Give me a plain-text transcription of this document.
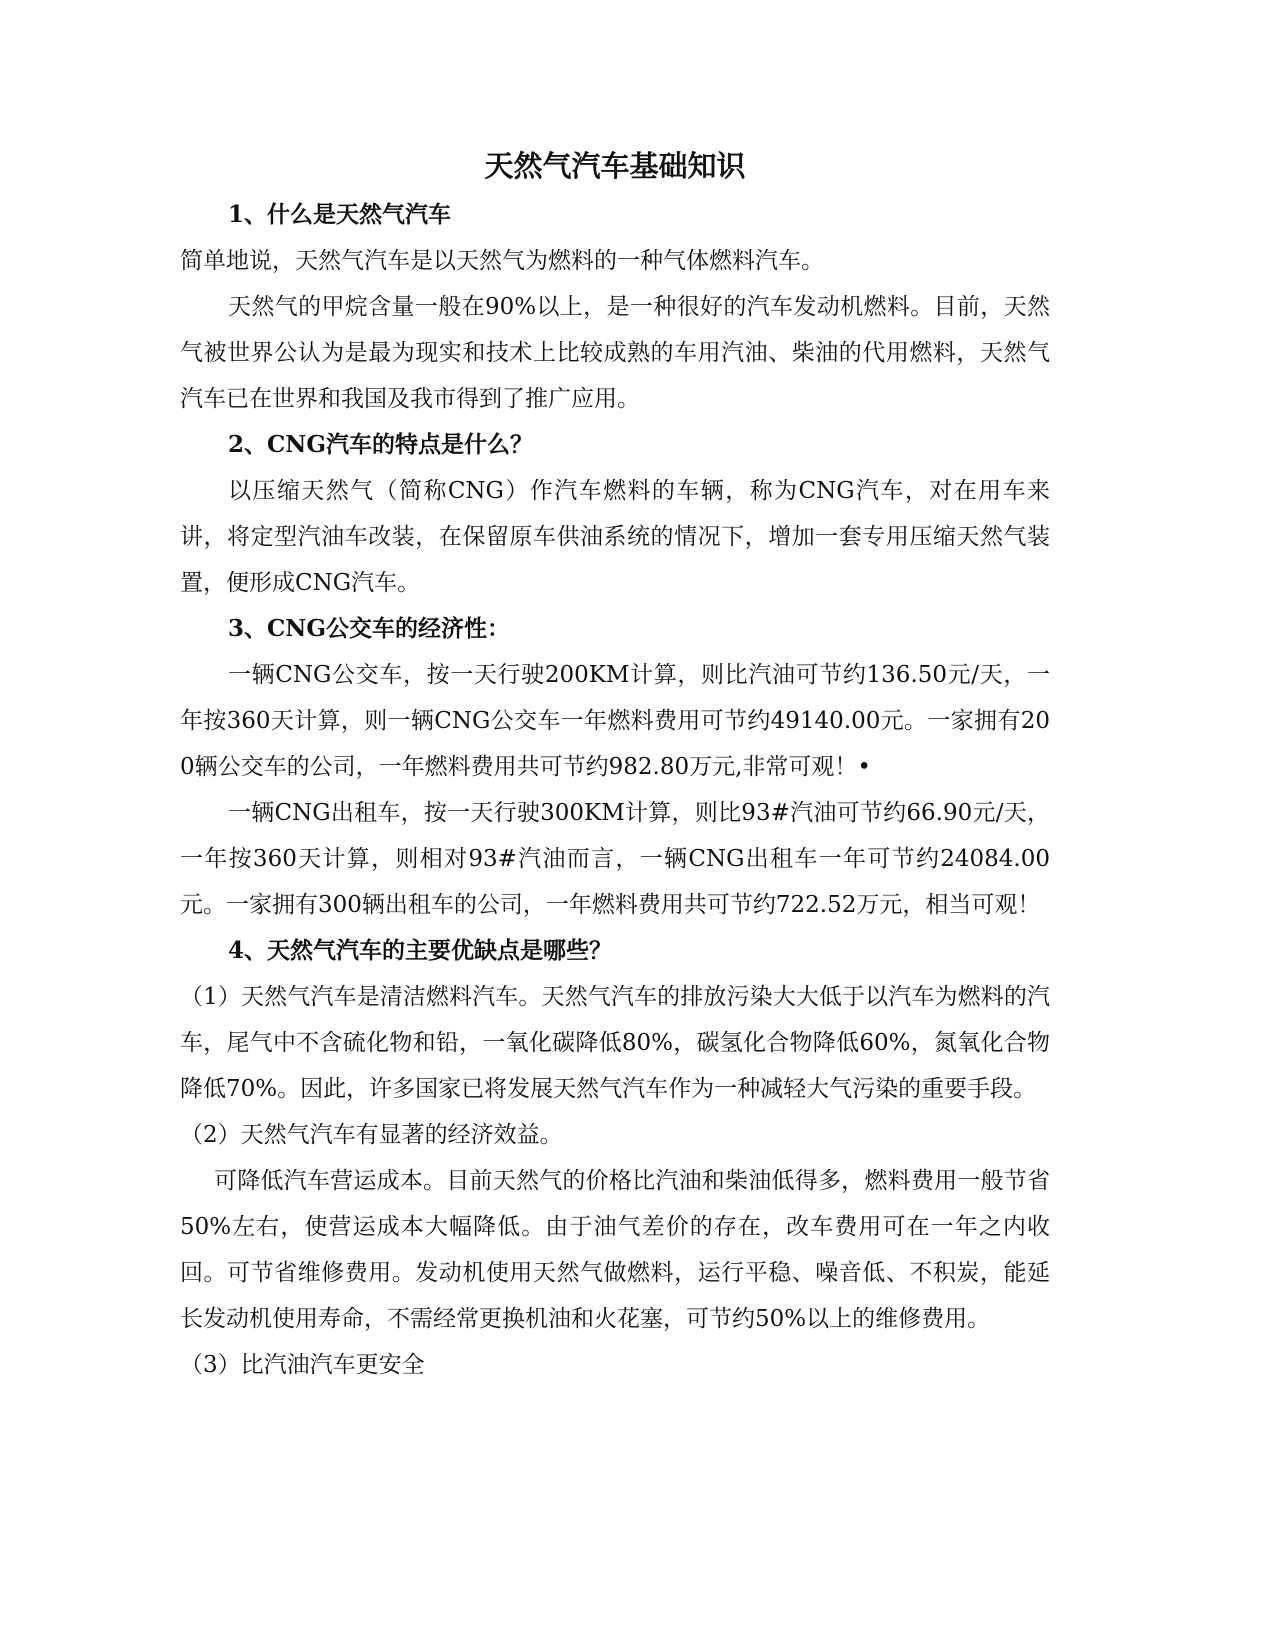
天然气汽车基础知识

1、什么是天然气汽车

简单地说，天然气汽车是以天然气为燃料的一种气体燃料汽车。

天然气的甲烷含量一般在90%以上，是一种很好的汽车发动机燃料。目前，天然气被世界公认为是最为现实和技术上比较成熟的车用汽油、柴油的代用燃料，天然气汽车已在世界和我国及我市得到了推广应用。

2、CNG汽车的特点是什么？

以压缩天然气（简称CNG）作汽车燃料的车辆，称为CNG汽车，对在用车来讲，将定型汽油车改装，在保留原车供油系统的情况下，增加一套专用压缩天然气装置，便形成CNG汽车。

3、CNG公交车的经济性：

一辆CNG公交车，按一天行驶200KM计算，则比汽油可节约136.50元/天，一年按360天计算，则一辆CNG公交车一年燃料费用可节约49140.00元。一家拥有200辆公交车的公司，一年燃料费用共可节约982.80万元,非常可观！•

一辆CNG出租车，按一天行驶300KM计算，则比93#汽油可节约66.90元/天，一年按360天计算，则相对93#汽油而言，一辆CNG出租车一年可节约24084.00元。一家拥有300辆出租车的公司，一年燃料费用共可节约722.52万元，相当可观！

4、天然气汽车的主要优缺点是哪些？

（1）天然气汽车是清洁燃料汽车。天然气汽车的排放污染大大低于以汽车为燃料的汽车，尾气中不含硫化物和铅，一氧化碳降低80%，碳氢化合物降低60%，氮氧化合物降低70%。因此，许多国家已将发展天然气汽车作为一种减轻大气污染的重要手段。

（2）天然气汽车有显著的经济效益。

可降低汽车营运成本。目前天然气的价格比汽油和柴油低得多，燃料费用一般节省50%左右，使营运成本大幅降低。由于油气差价的存在，改车费用可在一年之内收回。可节省维修费用。发动机使用天然气做燃料，运行平稳、噪音低、不积炭，能延长发动机使用寿命，不需经常更换机油和火花塞，可节约50%以上的维修费用。

（3）比汽油汽车更安全
